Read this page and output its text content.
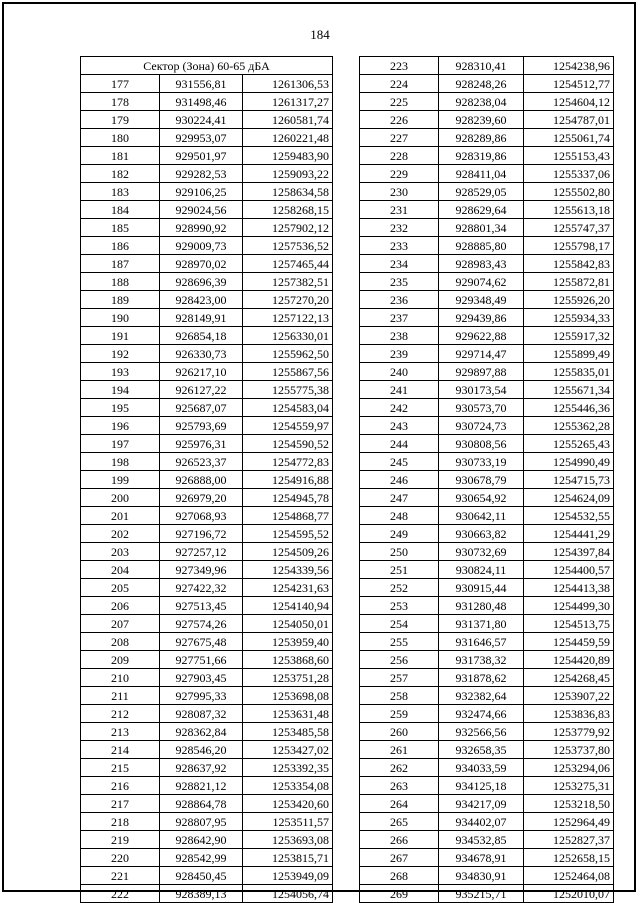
184
Сектор (Зона) 60-65 дБА		
177	931556,81	1261306,53
178	931498,46	1261317,27
179	930224,41	1260581,74
180	929953,07	1260221,48
181	929501,97	1259483,90
182	929282,53	1259093,22
183	929106,25	1258634,58
184	929024,56	1258268,15
185	928990,92	1257902,12
186	929009,73	1257536,52
187	928970,02	1257465,44
188	928696,39	1257382,51
189	928423,00	1257270,20
190	928149,91	1257122,13
191	926854,18	1256330,01
192	926330,73	1255962,50
193	926217,10	1255867,56
194	926127,22	1255775,38
195	925687,07	1254583,04
196	925793,69	1254559,97
197	925976,31	1254590,52
198	926523,37	1254772,83
199	926888,00	1254916,88
200	926979,20	1254945,78
201	927068,93	1254868,77
202	927196,72	1254595,52
203	927257,12	1254509,26
204	927349,96	1254339,56
205	927422,32	1254231,63
206	927513,45	1254140,94
207	927574,26	1254050,01
208	927675,48	1253959,40
209	927751,66	1253868,60
210	927903,45	1253751,28
211	927995,33	1253698,08
212	928087,32	1253631,48
213	928362,84	1253485,58
214	928546,20	1253427,02
215	928637,92	1253392,35
216	928821,12	1253354,08
217	928864,78	1253420,60
218	928807,95	1253511,57
219	928642,90	1253693,08
220	928542,99	1253815,71
221	928450,45	1253949,09
222	928389,13	1254056,74
223	928310,41	1254238,96
224	928248,26	1254512,77
225	928238,04	1254604,12
226	928239,60	1254787,01
227	928289,86	1255061,74
228	928319,86	1255153,43
229	928411,04	1255337,06
230	928529,05	1255502,80
231	928629,64	1255613,18
232	928801,34	1255747,37
233	928885,80	1255798,17
234	928983,43	1255842,83
235	929074,62	1255872,81
236	929348,49	1255926,20
237	929439,86	1255934,33
238	929622,88	1255917,32
239	929714,47	1255899,49
240	929897,88	1255835,01
241	930173,54	1255671,34
242	930573,70	1255446,36
243	930724,73	1255362,28
244	930808,56	1255265,43
245	930733,19	1254990,49
246	930678,79	1254715,73
247	930654,92	1254624,09
248	930642,11	1254532,55
249	930663,82	1254441,29
250	930732,69	1254397,84
251	930824,11	1254400,57
252	930915,44	1254413,38
253	931280,48	1254499,30
254	931371,80	1254513,75
255	931646,57	1254459,59
256	931738,32	1254420,89
257	931878,62	1254268,45
258	932382,64	1253907,22
259	932474,66	1253836,83
260	932566,56	1253779,92
261	932658,35	1253737,80
262	934033,59	1253294,06
263	934125,18	1253275,31
264	934217,09	1253218,50
265	934402,07	1252964,49
266	934532,85	1252827,37
267	934678,91	1252658,15
268	934830,91	1252464,08
269	935215,71	1252010,07
